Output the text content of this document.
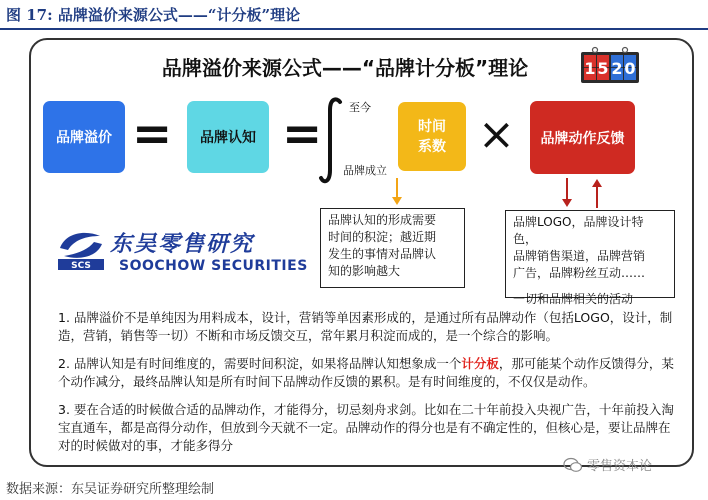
图 17: 品牌溢价来源公式——“计分板”理论
品牌溢价来源公式——“品牌计分板”理论	1 5 2 0
品牌溢价 =	品牌认知 = 至今
品牌成立
时间
系数 ×	品牌动作反馈
品牌认知的形成需要
时间的积淀；越近期
发生的事情对品牌认
知的影响越大
品牌LOGO，品牌设计特色，
品牌销售渠道，品牌营销
广告，品牌粉丝互动……
一切和品牌相关的活动
SCS
东吴零售研究
SOOCHOW SECURITIES
1. 品牌溢价不是单纯因为用料成本，设计，营销等单因素形成的，是通过所有品牌动作（包括LOGO，设计，制造，营销，销售等一切）不断和市场反馈交互，常年累月积淀而成的，是一个综合的影响。
2. 品牌认知是有时间维度的，需要时间积淀，如果将品牌认知想象成一个计分板，那可能某个动作反馈得分，某个动作减分，最终品牌认知是所有时间下品牌动作反馈的累积。是有时间维度的，不仅仅是动作。
3. 要在合适的时候做合适的品牌动作，才能得分，切忌刻舟求剑。比如在二十年前投入央视广告，十年前投入淘宝直通车，都是高得分动作，但放到今天就不一定。品牌动作的得分也是有不确定性的，但核心是，要让品牌在对的时候做对的事，才能多得分
零售资本论
数据来源：东吴证券研究所整理绘制
